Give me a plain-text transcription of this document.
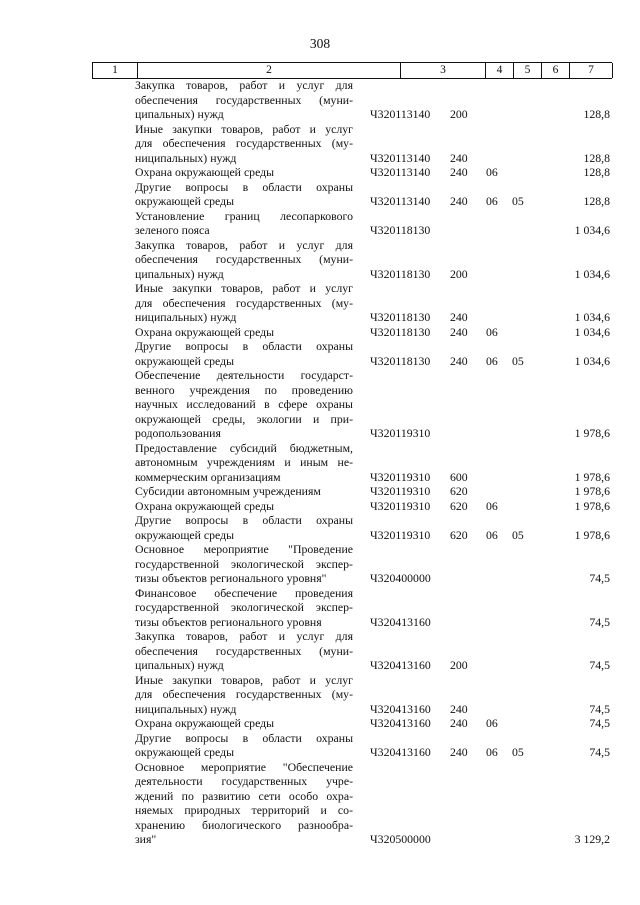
308
1	2	3	4	5	6	7
Закупка товаров, работ и услуг для
обеспечения государственных (муни-
ципальных) нужд	Ч320113140 200	128,8
Иные закупки товаров, работ и услуг
для обеспечения государственных (му-
ниципальных) нужд	Ч320113140 240	128,8
Охрана окружающей среды	Ч320113140 240 06	128,8
Другие вопросы в области охраны
окружающей среды	Ч320113140 240 06 05	128,8
Установление границ лесопаркового
зеленого пояса	Ч320118130	1 034,6
Закупка товаров, работ и услуг для
обеспечения государственных (муни-
ципальных) нужд	Ч320118130 200	1 034,6
Иные закупки товаров, работ и услуг
для обеспечения государственных (му-
ниципальных) нужд	Ч320118130 240	1 034,6
Охрана окружающей среды	Ч320118130 240 06	1 034,6
Другие вопросы в области охраны
окружающей среды	Ч320118130 240 06 05	1 034,6
Обеспечение деятельности государст-
венного учреждения по проведению
научных исследований в сфере охраны
окружающей среды, экологии и при-
родопользования	Ч320119310	1 978,6
Предоставление субсидий бюджетным,
автономным учреждениям и иным не-
коммерческим организациям	Ч320119310 600	1 978,6
Субсидии автономным учреждениям	Ч320119310 620	1 978,6
Охрана окружающей среды	Ч320119310 620 06	1 978,6
Другие вопросы в области охраны
окружающей среды	Ч320119310 620 06 05	1 978,6
Основное мероприятие "Проведение
государственной экологической экспер-
тизы объектов регионального уровня"	Ч320400000	74,5
Финансовое обеспечение проведения
государственной экологической экспер-
тизы объектов регионального уровня	Ч320413160	74,5
Закупка товаров, работ и услуг для
обеспечения государственных (муни-
ципальных) нужд	Ч320413160 200	74,5
Иные закупки товаров, работ и услуг
для обеспечения государственных (му-
ниципальных) нужд	Ч320413160 240	74,5
Охрана окружающей среды	Ч320413160 240 06	74,5
Другие вопросы в области охраны
окружающей среды	Ч320413160 240 06 05	74,5
Основное мероприятие "Обеспечение
деятельности государственных учре-
ждений по развитию сети особо охра-
няемых природных территорий и со-
хранению биологического разнообра-
зия"	Ч320500000	3 129,2
